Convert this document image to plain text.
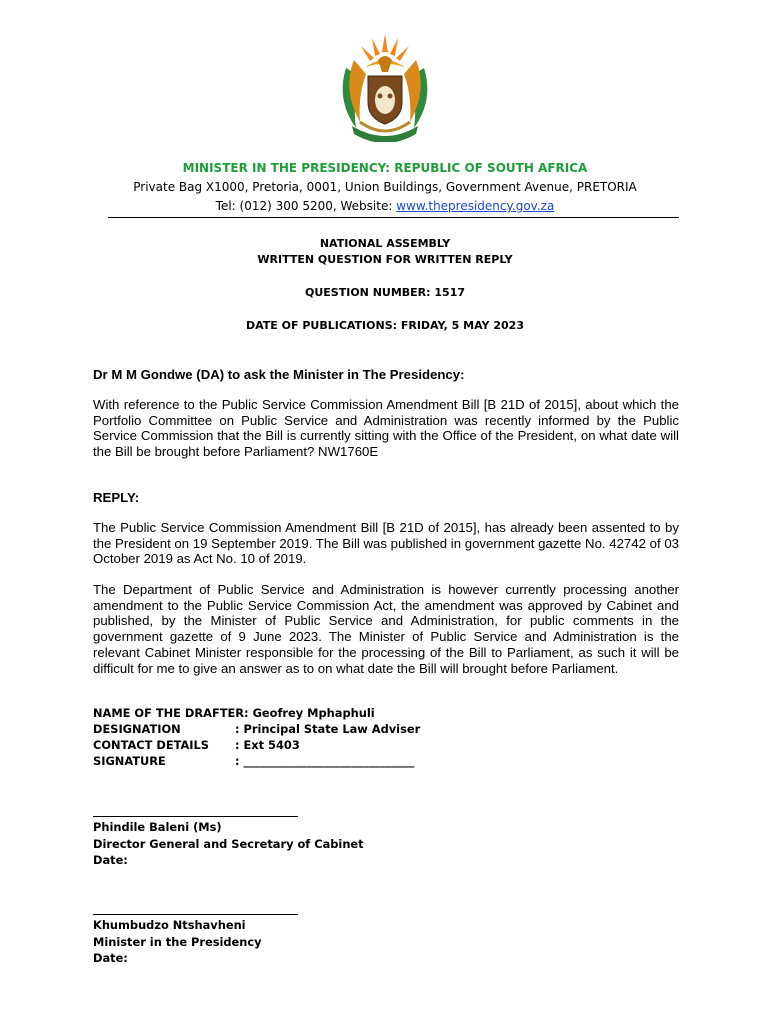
MINISTER IN THE PRESIDENCY: REPUBLIC OF SOUTH AFRICA
Private Bag X1000, Pretoria, 0001, Union Buildings, Government Avenue, PRETORIA
Tel: (012) 300 5200, Website: www.thepresidency.gov.za
NATIONAL ASSEMBLY
WRITTEN QUESTION FOR WRITTEN REPLY
QUESTION NUMBER: 1517
DATE OF PUBLICATIONS: FRIDAY, 5 MAY 2023
Dr M M Gondwe (DA) to ask the Minister in The Presidency:
With reference to the Public Service Commission Amendment Bill [B 21D of 2015], about which the Portfolio Committee on Public Service and Administration was recently informed by the Public Service Commission that the Bill is currently sitting with the Office of the President, on what date will the Bill be brought before Parliament? NW1760E
REPLY:
The Public Service Commission Amendment Bill [B 21D of 2015], has already been assented to by the President on 19 September 2019. The Bill was published in government gazette No. 42742 of 03 October 2019 as Act No. 10 of 2019.
The Department of Public Service and Administration is however currently processing another amendment to the Public Service Commission Act, the amendment was approved by Cabinet and published, by the Minister of Public Service and Administration, for public comments in the government gazette of 9 June 2023. The Minister of Public Service and Administration is the relevant Cabinet Minister responsible for the processing of the Bill to Parliament, as such it will be difficult for me to give an answer as to on what date the Bill will brought before Parliament.
NAME OF THE DRAFTER: Geofrey Mphaphuli
DESIGNATION	: Principal State Law Adviser
CONTACT DETAILS : Ext 5403
SIGNATURE	: ______________________________
Phindile Baleni (Ms)
Director General and Secretary of Cabinet
Date:
Khumbudzo Ntshavheni
Minister in the Presidency
Date:
